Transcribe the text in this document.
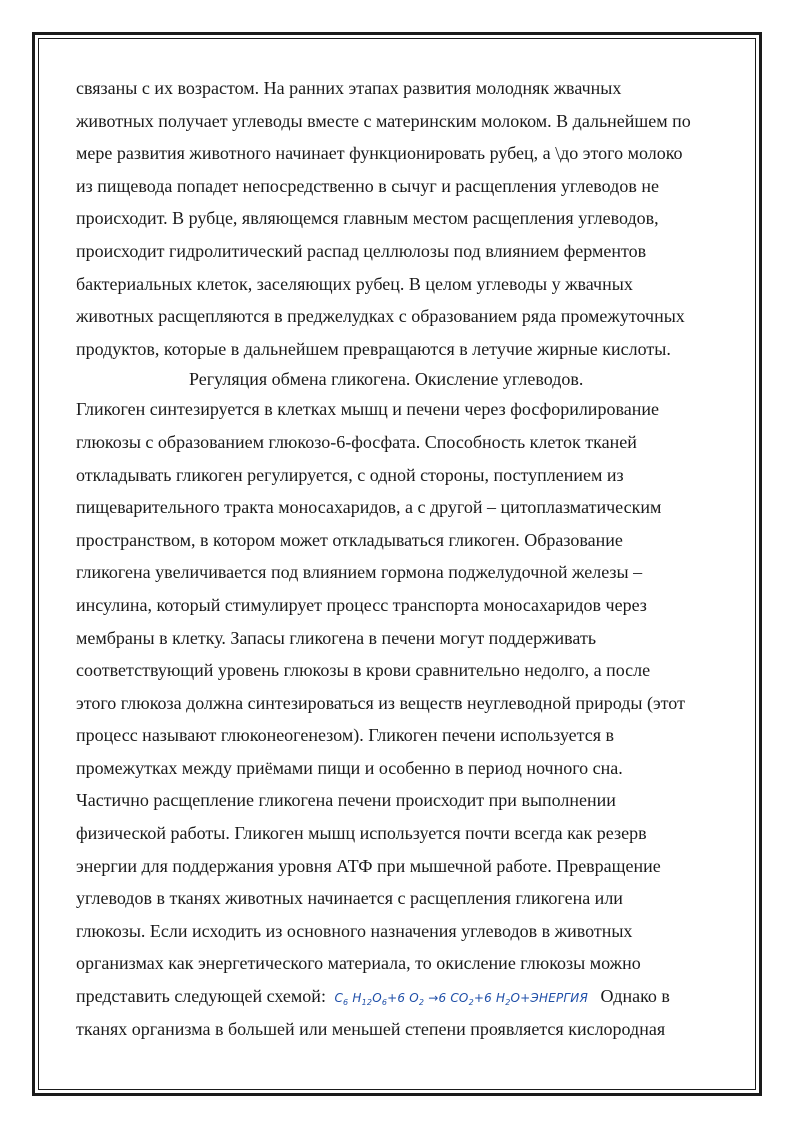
связаны с их возрастом. На ранних этапах развития молодняк жвачных
животных получает углеводы вместе с материнским молоком. В дальнейшем по
мере развития животного начинает функционировать рубец, а \до этого молоко
из пищевода попадет непосредственно в сычуг и расщепления углеводов не
происходит. В рубце, являющемся главным местом расщепления углеводов,
происходит гидролитический распад целлюлозы под влиянием ферментов
бактериальных клеток, заселяющих рубец. В целом углеводы у жвачных
животных расщепляются в преджелудках с образованием ряда промежуточных
продуктов, которые в дальнейшем превращаются в летучие жирные кислоты.
Регуляция обмена гликогена. Окисление углеводов.
Гликоген синтезируется в клетках мышц и печени через фосфорилирование
глюкозы с образованием глюкозо-6-фосфата. Способность клеток тканей
откладывать гликоген регулируется, с одной стороны, поступлением из
пищеварительного тракта моносахаридов, а с другой – цитоплазматическим
пространством, в котором может откладываться гликоген. Образование
гликогена увеличивается под влиянием гормона поджелудочной железы –
инсулина, который стимулирует процесс транспорта моносахаридов через
мембраны в клетку. Запасы гликогена в печени могут поддерживать
соответствующий уровень глюкозы в крови сравнительно недолго, а после
этого глюкоза должна синтезироваться из веществ неуглеводной природы (этот
процесс называют глюконеогенезом). Гликоген печени используется в
промежутках между приёмами пищи и особенно в период ночного сна.
Частично расщепление гликогена печени происходит при выполнении
физической работы. Гликоген мышц используется почти всегда как резерв
энергии для поддержания уровня АТФ при мышечной работе. Превращение
углеводов в тканях животных начинается с расщепления гликогена или
глюкозы. Если исходить из основного назначения углеводов в животных
организмах как энергетического материала, то окисление глюкозы можно
представить следующей схемой: $C_6$ $H_{12}O_6+6$ $O_2 \to 6$ $CO_2+6$ $H_2O+ЭНЕРГИЯ$ Однако в
тканях организма в большей или меньшей степени проявляется кислородная
